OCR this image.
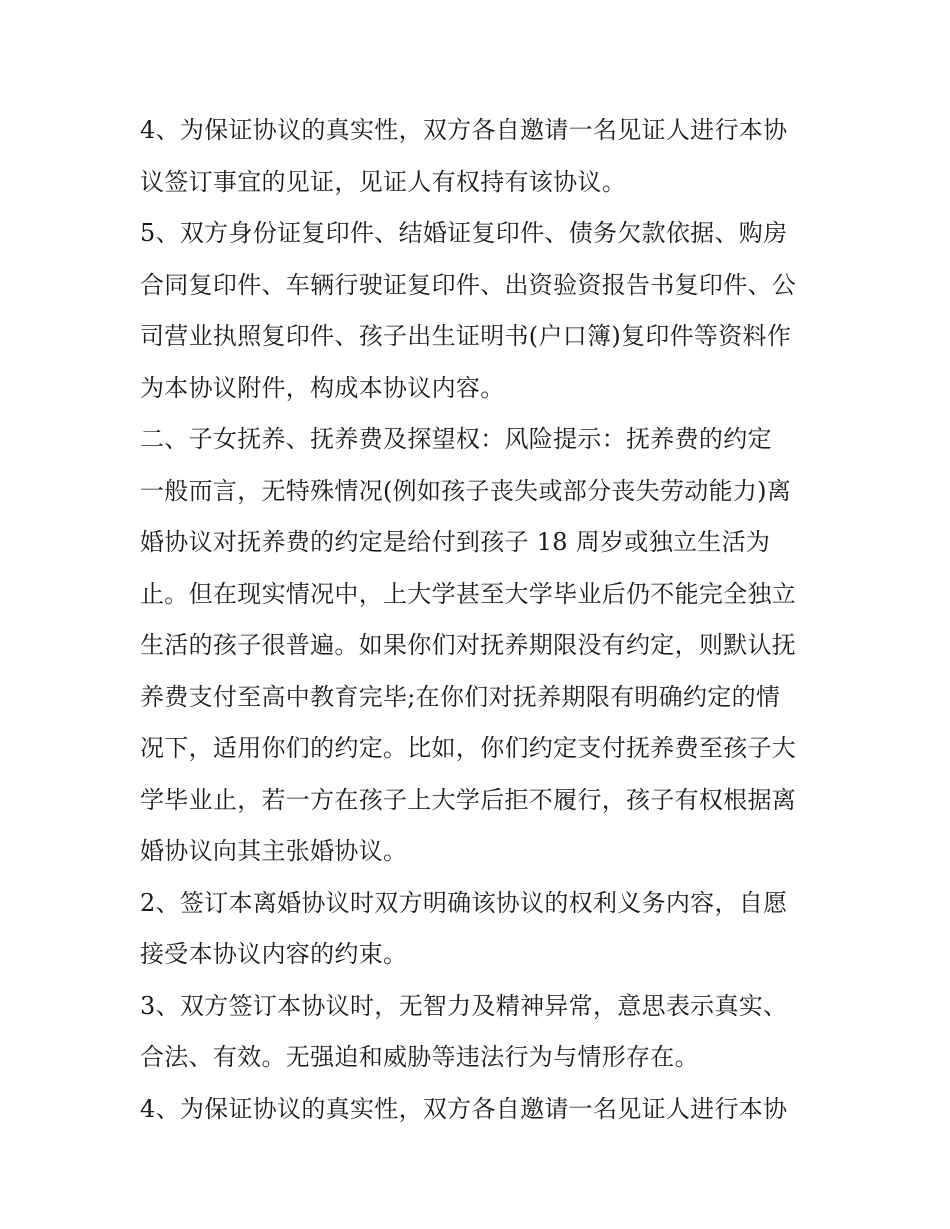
4、为保证协议的真实性，双方各自邀请一名见证人进行本协
议签订事宜的见证，见证人有权持有该协议。
5、双方身份证复印件、结婚证复印件、债务欠款依据、购房
合同复印件、车辆行驶证复印件、出资验资报告书复印件、公
司营业执照复印件、孩子出生证明书(户口簿)复印件等资料作
为本协议附件，构成本协议内容。
二、子女抚养、抚养费及探望权：风险提示：抚养费的约定
一般而言，无特殊情况(例如孩子丧失或部分丧失劳动能力)离
婚协议对抚养费的约定是给付到孩子 18 周岁或独立生活为
止。但在现实情况中，上大学甚至大学毕业后仍不能完全独立
生活的孩子很普遍。如果你们对抚养期限没有约定，则默认抚
养费支付至高中教育完毕;在你们对抚养期限有明确约定的情
况下，适用你们的约定。比如，你们约定支付抚养费至孩子大
学毕业止，若一方在孩子上大学后拒不履行，孩子有权根据离
婚协议向其主张婚协议。
2、签订本离婚协议时双方明确该协议的权利义务内容，自愿
接受本协议内容的约束。
3、双方签订本协议时，无智力及精神异常，意思表示真实、
合法、有效。无强迫和威胁等违法行为与情形存在。
4、为保证协议的真实性，双方各自邀请一名见证人进行本协
